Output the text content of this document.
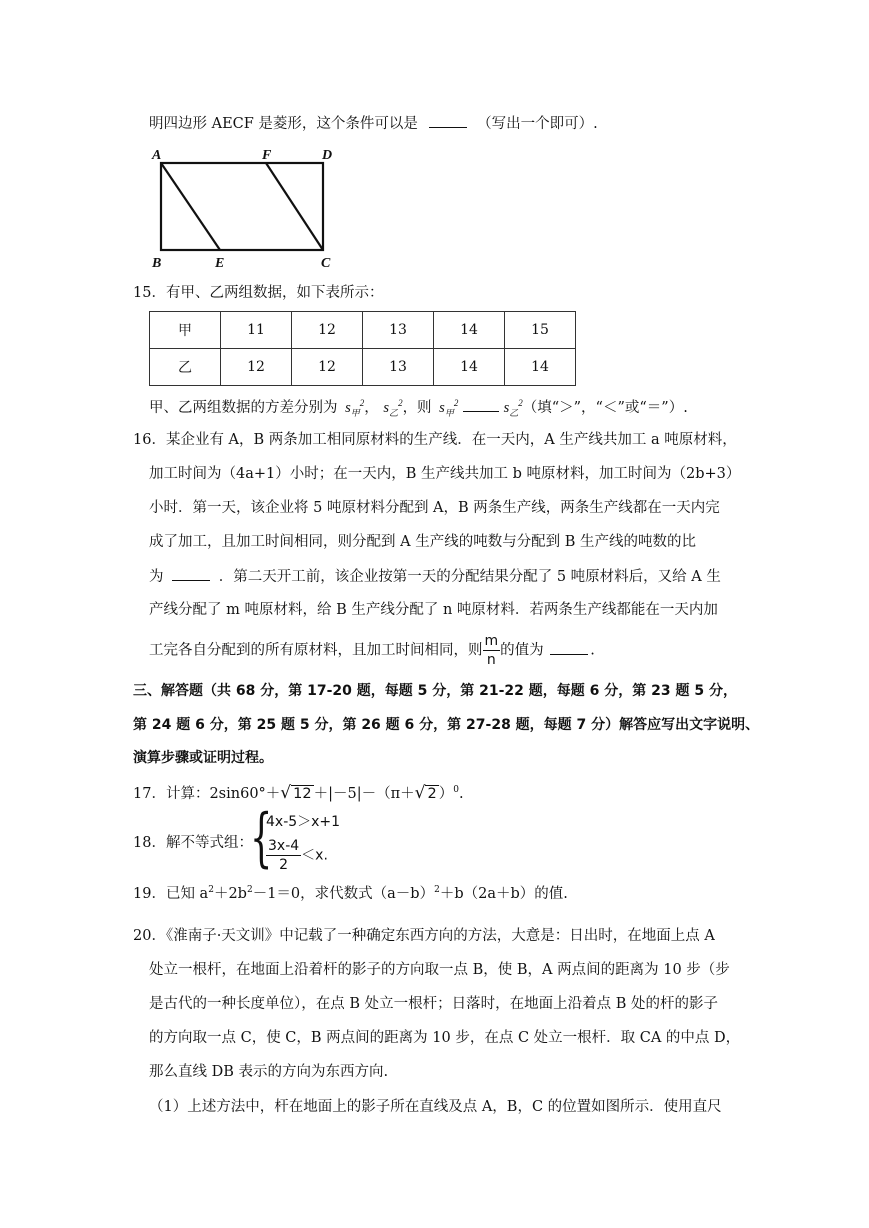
明四边形 AECF 是菱形，这个条件可以是	（写出一个即可）.
A	F	D
B	E	C
15．有甲、乙两组数据，如下表所示：
甲	11	12	13	14	15
乙	12	12	13	14	14
甲、乙两组数据的方差分别为 $s_甲^2$， $s_乙^2$，则 $s_甲^2$	$s_乙^2$（填“＞”，“＜”或“＝”）.
16．某企业有 A，B 两条加工相同原材料的生产线．在一天内，A 生产线共加工 a 吨原材料，
加工时间为（4a+1）小时；在一天内，B 生产线共加工 b 吨原材料，加工时间为（2b+3）
小时．第一天，该企业将 5 吨原材料分配到 A，B 两条生产线，两条生产线都在一天内完
成了加工，且加工时间相同，则分配到 A 生产线的吨数与分配到 B 生产线的吨数的比
为	．第二天开工前，该企业按第一天的分配结果分配了 5 吨原材料后，又给 A 生
产线分配了 m 吨原材料，给 B 生产线分配了 n 吨原材料．若两条生产线都能在一天内加
工完各自分配到的所有原材料，且加工时间相同，则 $\frac{m}{n}$ 的值为	.
三、解答题（共 68 分，第 17-20 题，每题 5 分，第 21-22 题，每题 6 分，第 23 题 5 分，
第 24 题 6 分，第 25 题 5 分，第 26 题 6 分，第 27-28 题，每题 7 分）解答应写出文字说明、
演算步骤或证明过程。
17．计算：2sin60°＋√ 12 ＋|－5|－（π＋√ 2 ）$^0$.
18．解不等式组：
{
4x-5＞x+1
$\frac{3x-4}{2} <x$.
19．已知 $a^2+2b^2-1=0$，求代数式$(a-b)^2+b(2a+b)$的值.
20．《淮南子·天文训》中记载了一种确定东西方向的方法，大意是：日出时，在地面上点 A
处立一根杆，在地面上沿着杆的影子的方向取一点 B，使 B，A 两点间的距离为 10 步（步
是古代的一种长度单位），在点 B 处立一根杆；日落时，在地面上沿着点 B 处的杆的影子
的方向取一点 C，使 C，B 两点间的距离为 10 步，在点 C 处立一根杆．取 CA 的中点 D，
那么直线 DB 表示的方向为东西方向.
（1）上述方法中，杆在地面上的影子所在直线及点 A，B，C 的位置如图所示．使用直尺
